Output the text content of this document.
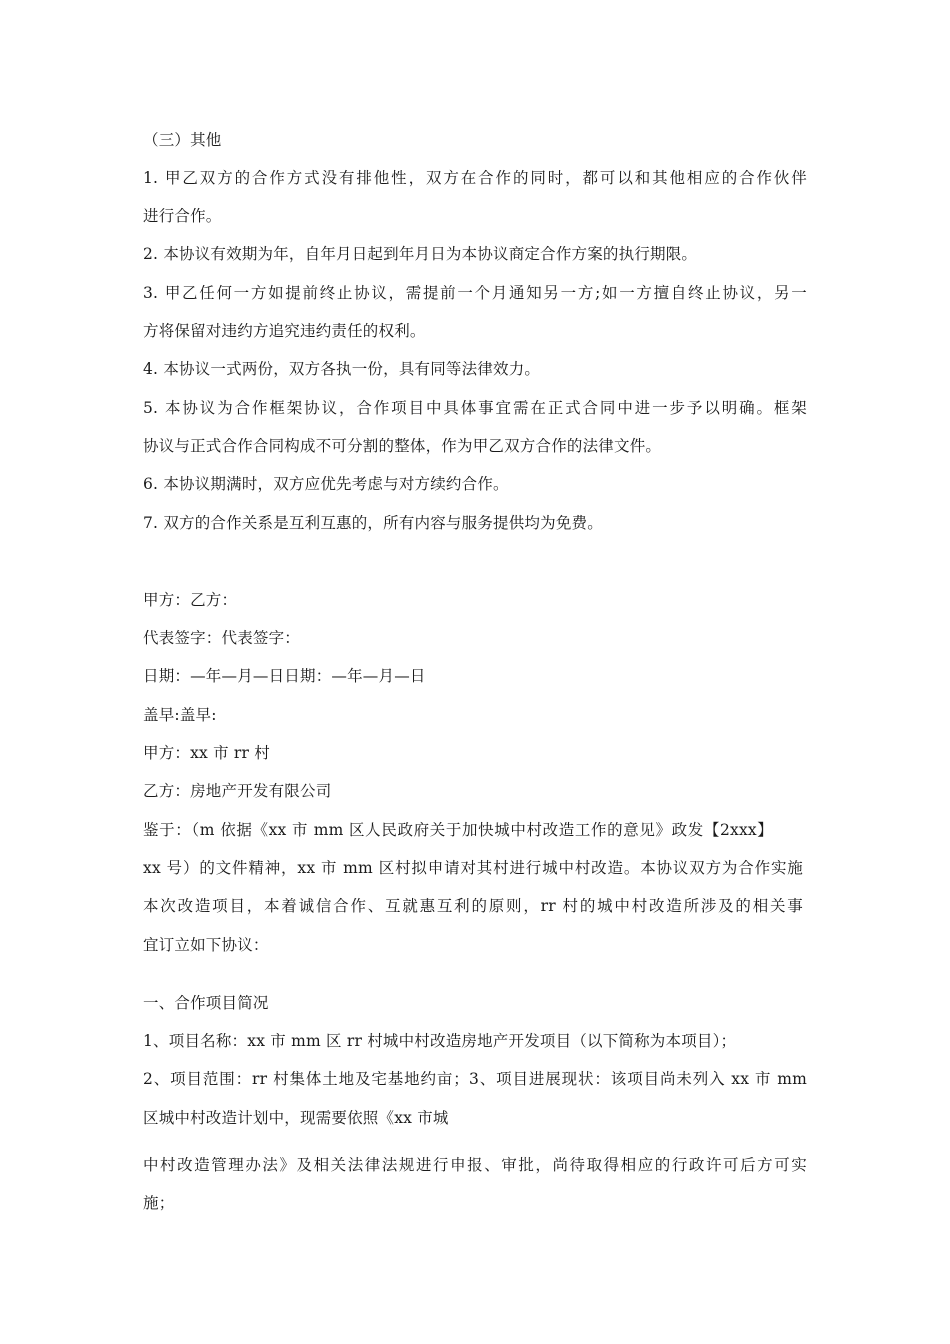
（三）其他
1. 甲乙双方的合作方式没有排他性，双方在合作的同时，都可以和其他相应的合作伙伴
进行合作。
2. 本协议有效期为年，自年月日起到年月日为本协议商定合作方案的执行期限。
3. 甲乙任何一方如提前终止协议，需提前一个月通知另一方;如一方擅自终止协议，另一
方将保留对违约方追究违约责任的权利。
4. 本协议一式两份，双方各执一份，具有同等法律效力。
5. 本协议为合作框架协议，合作项目中具体事宜需在正式合同中进一步予以明确。框架
协议与正式合作合同构成不可分割的整体，作为甲乙双方合作的法律文件。
6. 本协议期满时，双方应优先考虑与对方续约合作。
7. 双方的合作关系是互利互惠的，所有内容与服务提供均为免费。
甲方：乙方：
代表签字：代表签字：
日期：—年—月—日日期：—年—月—日
盖早:盖早:
甲方：xx 市 rr 村
乙方：房地产开发有限公司
鉴于：（m 依据《xx 市 mm 区人民政府关于加快城中村改造工作的意见》政发【2xxx】
xx 号）的文件精神，xx 市 mm 区村拟申请对其村进行城中村改造。本协议双方为合作实施
本次改造项目，本着诚信合作、互就惠互利的原则，rr 村的城中村改造所涉及的相关事
宜订立如下协议：
一、合作项目简况
1、项目名称：xx 市 mm 区 rr 村城中村改造房地产开发项目（以下简称为本项目）；
2、项目范围：rr 村集体土地及宅基地约亩；3、项目进展现状：该项目尚未列入 xx 市 mm
区城中村改造计划中，现需要依照《xx 市城
中村改造管理办法》及相关法律法规进行申报、审批，尚待取得相应的行政许可后方可实
施；
